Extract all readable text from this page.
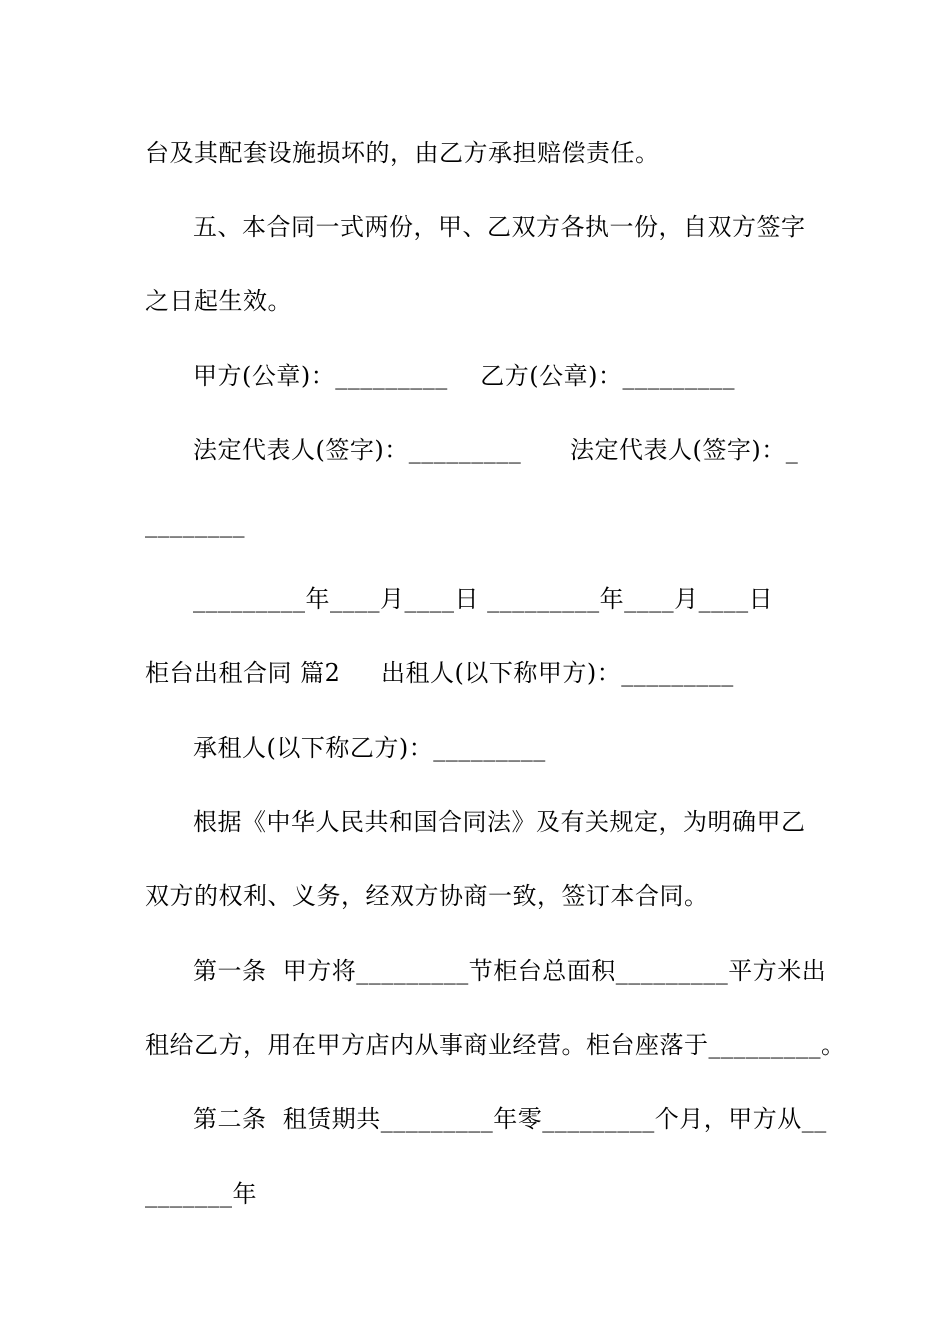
台及其配套设施损坏的，由乙方承担赔偿责任。
五、本合同一式两份，甲、乙双方各执一份，自双方签字
之日起生效。
甲方(公章)：_________    乙方(公章)：_________
法定代表人(签字)：_________      法定代表人(签字)：_
________
_________年____月____日 _________年____月____日
柜台出租合同 篇2     出租人(以下称甲方)：_________
承租人(以下称乙方)：_________
根据《中华人民共和国合同法》及有关规定，为明确甲乙
双方的权利、义务，经双方协商一致，签订本合同。
第一条  甲方将_________节柜台总面积_________平方米出
租给乙方，用在甲方店内从事商业经营。柜台座落于_________。
第二条  租赁期共_________年零_________个月，甲方从__
_______年
